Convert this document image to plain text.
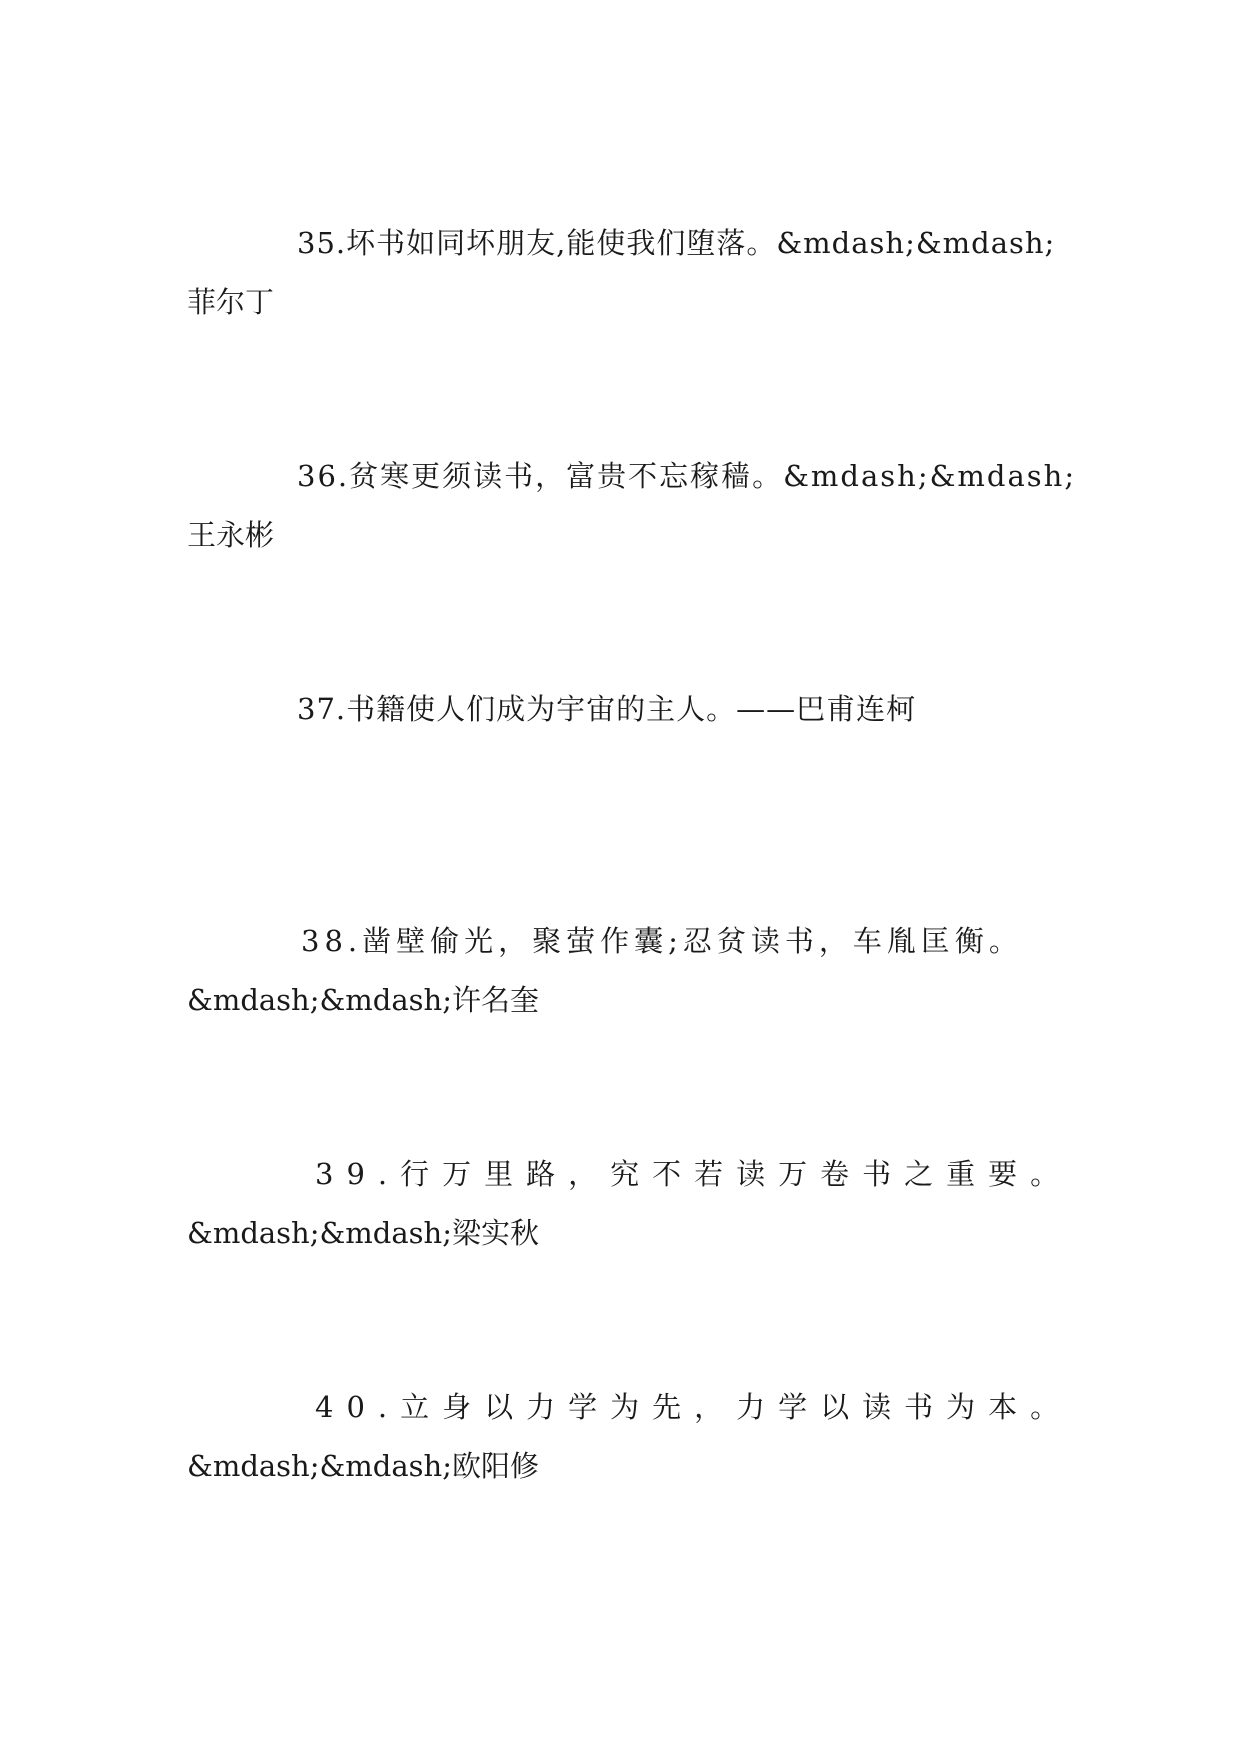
35.坏书如同坏朋友,能使我们堕落。&mdash;&mdash;
菲尔丁

36.贫寒更须读书，富贵不忘稼穑。&mdash;&mdash;
王永彬

37.书籍使人们成为宇宙的主人。——巴甫连柯

38.凿壁偷光，聚萤作囊;忍贫读书，车胤匡衡。
&mdash;&mdash;许名奎

39.行万里路，究不若读万卷书之重要。
&mdash;&mdash;梁实秋

40.立身以力学为先，力学以读书为本。
&mdash;&mdash;欧阳修
